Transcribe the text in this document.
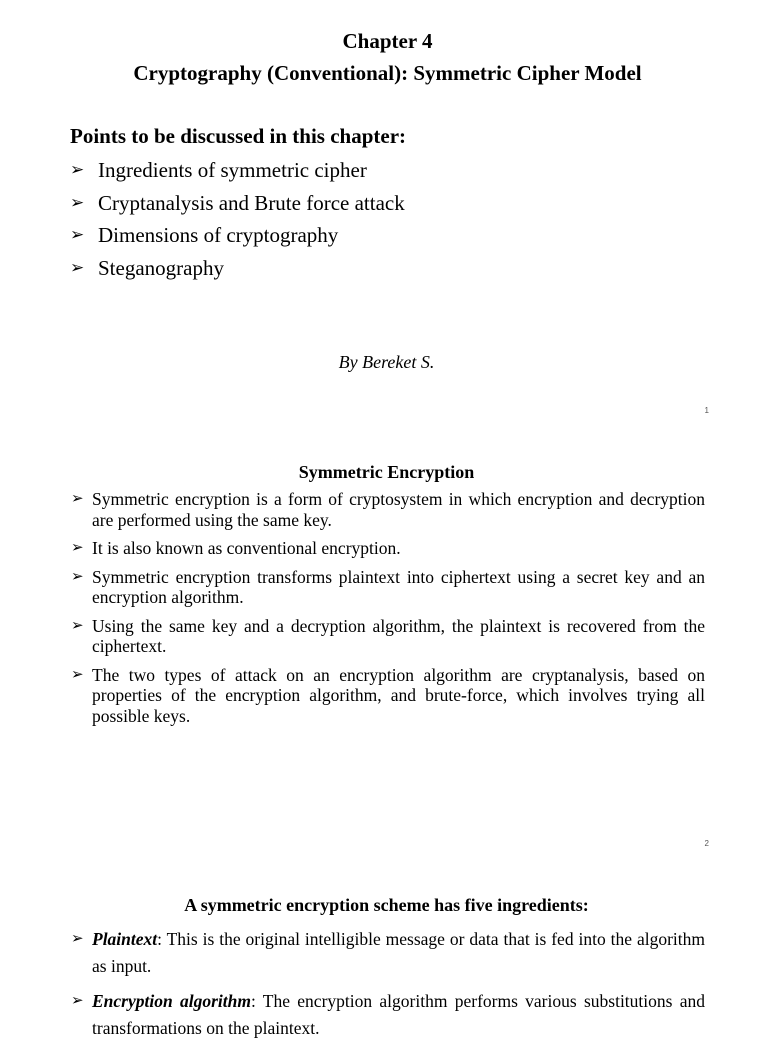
Chapter 4
Cryptography (Conventional): Symmetric Cipher Model
Points to be discussed in this chapter:
➢ Ingredients of symmetric cipher
➢ Cryptanalysis and Brute force attack
➢ Dimensions of cryptography
➢ Steganography
By Bereket S.
1
Symmetric Encryption
➢ Symmetric encryption is a form of cryptosystem in which encryption and decryption are performed using the same key.
➢ It is also known as conventional encryption.
➢ Symmetric encryption transforms plaintext into ciphertext using a secret key and an encryption algorithm.
➢ Using the same key and a decryption algorithm, the plaintext is recovered from the ciphertext.
➢ The two types of attack on an encryption algorithm are cryptanalysis, based on properties of the encryption algorithm, and brute-force, which involves trying all possible keys.
2
A symmetric encryption scheme has five ingredients:
➢ Plaintext: This is the original intelligible message or data that is fed into the algorithm as input.
➢ Encryption algorithm: The encryption algorithm performs various substitutions and transformations on the plaintext.
